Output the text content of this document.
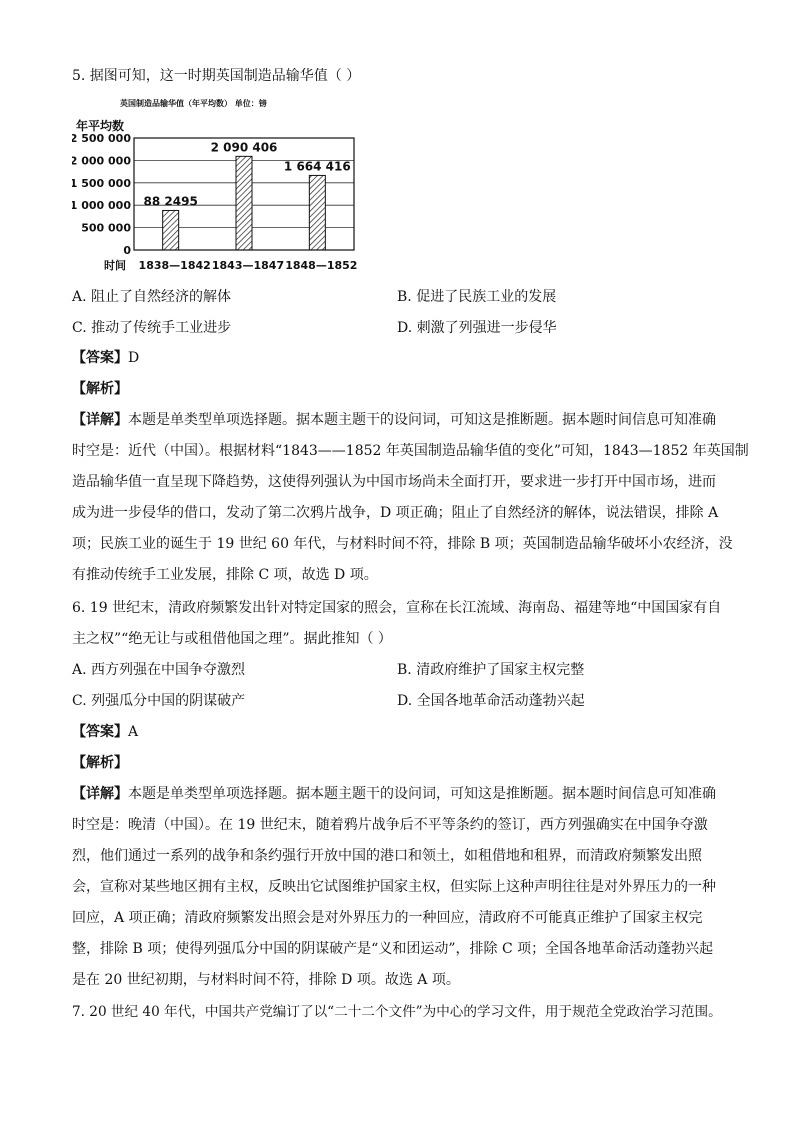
5. 据图可知，这一时期英国制造品输华值（ ）
英国制造品输华值（年平均数） 单位：镑
年平均数
时间
0
500 000
1 000 000
1 500 000
2 000 000
2 500 000
88 2495
2 090 406
1 664 416
1838—1842 1843—1847 1848—1852
A. 阻止了自然经济的解体	B. 促进了民族工业的发展
C. 推动了传统手工业进步	D. 刺激了列强进一步侵华
【答案】D
【解析】
【详解】本题是单类型单项选择题。据本题主题干的设问词，可知这是推断题。据本题时间信息可知准确
时空是：近代（中国）。根据材料“1843——1852 年英国制造品输华值的变化”可知，1843—1852 年英国制
造品输华值一直呈现下降趋势，这使得列强认为中国市场尚未全面打开，要求进一步打开中国市场，进而
成为进一步侵华的借口，发动了第二次鸦片战争，D 项正确；阻止了自然经济的解体，说法错误，排除 A
项；民族工业的诞生于 19 世纪 60 年代，与材料时间不符，排除 B 项；英国制造品输华破坏小农经济，没
有推动传统手工业发展，排除 C 项，故选 D 项。
6. 19 世纪末，清政府频繁发出针对特定国家的照会，宣称在长江流域、海南岛、福建等地“中国国家有自
主之权”“绝无让与或租借他国之理”。据此推知（ ）
A. 西方列强在中国争夺激烈	B. 清政府维护了国家主权完整
C. 列强瓜分中国的阴谋破产	D. 全国各地革命活动蓬勃兴起
【答案】A
【解析】
【详解】本题是单类型单项选择题。据本题主题干的设问词，可知这是推断题。据本题时间信息可知准确
时空是：晚清（中国）。在 19 世纪末，随着鸦片战争后不平等条约的签订，西方列强确实在中国争夺激
烈，他们通过一系列的战争和条约强行开放中国的港口和领土，如租借地和租界，而清政府频繁发出照
会，宣称对某些地区拥有主权，反映出它试图维护国家主权，但实际上这种声明往往是对外界压力的一种
回应，A 项正确；清政府频繁发出照会是对外界压力的一种回应，清政府不可能真正维护了国家主权完
整，排除 B 项；使得列强瓜分中国的阴谋破产是“义和团运动”，排除 C 项；全国各地革命活动蓬勃兴起
是在 20 世纪初期，与材料时间不符，排除 D 项。故选 A 项。
7. 20 世纪 40 年代，中国共产党编订了以“二十二个文件”为中心的学习文件，用于规范全党政治学习范围。
